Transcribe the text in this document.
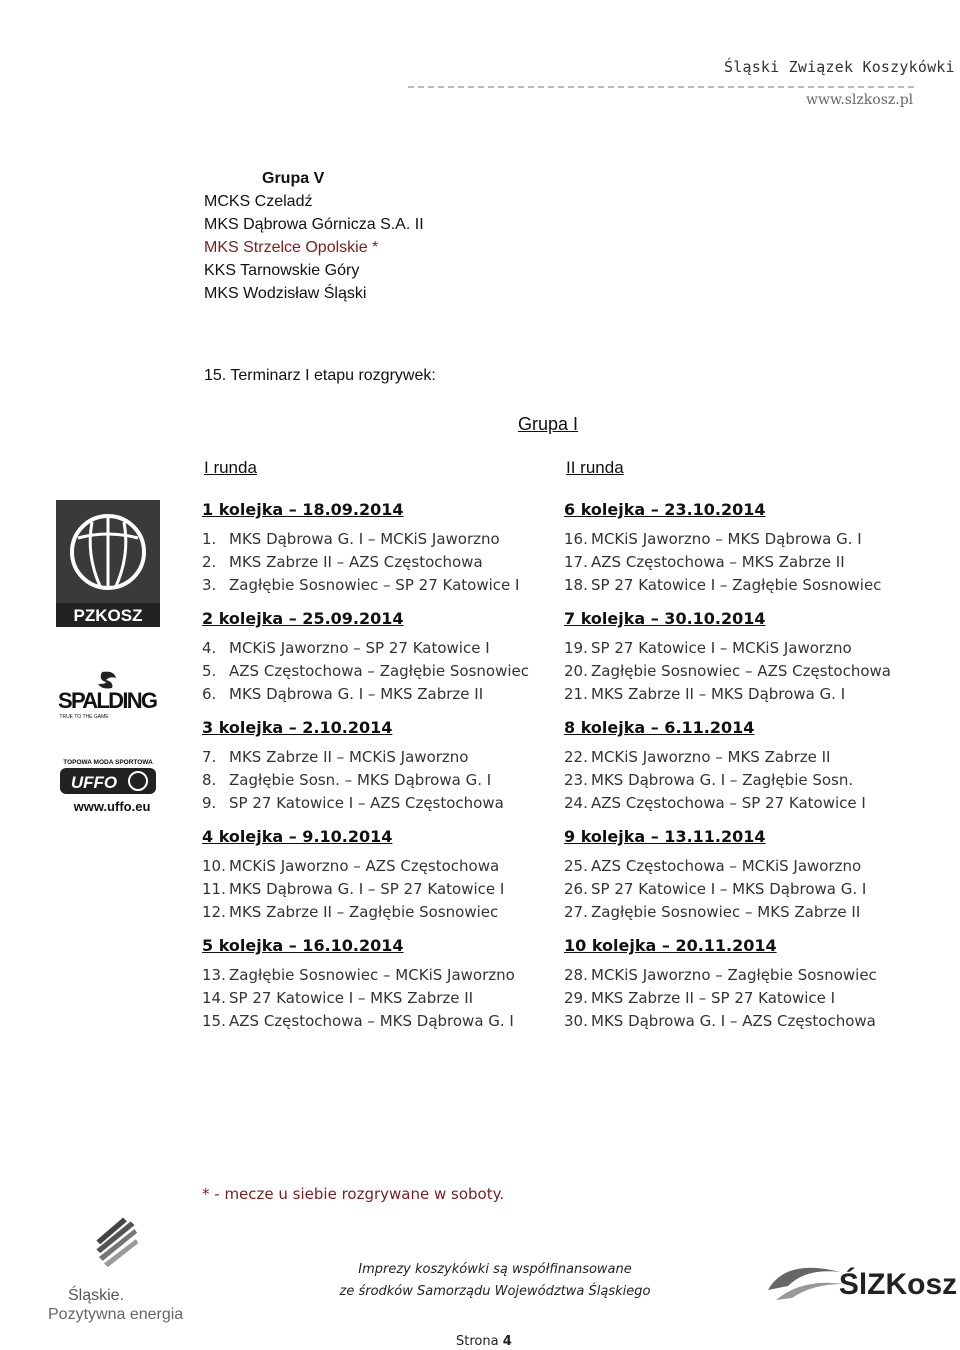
Śląski Związek Koszykówki
www.slzkosz.pl
Grupa V
MCKS Czeladź
MKS Dąbrowa Górnicza S.A. II
MKS Strzelce Opolskie *
KKS Tarnowskie Góry
MKS Wodzisław Śląski
15. Terminarz I etapu rozgrywek:
Grupa I
I runda	II runda
1 kolejka – 18.09.2014
1. MKS Dąbrowa G. I – MCKiS Jaworzno
2. MKS Zabrze II – AZS Częstochowa
3. Zagłębie Sosnowiec – SP 27 Katowice I
2 kolejka – 25.09.2014
4. MCKiS Jaworzno – SP 27 Katowice I
5. AZS Częstochowa – Zagłębie Sosnowiec
6. MKS Dąbrowa G. I – MKS Zabrze II
3 kolejka – 2.10.2014
7. MKS Zabrze II – MCKiS Jaworzno
8. Zagłębie Sosn. – MKS Dąbrowa G. I
9. SP 27 Katowice I – AZS Częstochowa
4 kolejka – 9.10.2014
10. MCKiS Jaworzno – AZS Częstochowa
11. MKS Dąbrowa G. I – SP 27 Katowice I
12. MKS Zabrze II – Zagłębie Sosnowiec
5 kolejka – 16.10.2014
13. Zagłębie Sosnowiec – MCKiS Jaworzno
14. SP 27 Katowice I – MKS Zabrze II
15. AZS Częstochowa – MKS Dąbrowa G. I
6 kolejka – 23.10.2014
16. MCKiS Jaworzno – MKS Dąbrowa G. I
17. AZS Częstochowa – MKS Zabrze II
18. SP 27 Katowice I – Zagłębie Sosnowiec
7 kolejka – 30.10.2014
19. SP 27 Katowice I – MCKiS Jaworzno
20. Zagłębie Sosnowiec – AZS Częstochowa
21. MKS Zabrze II – MKS Dąbrowa G. I
8 kolejka – 6.11.2014
22. MCKiS Jaworzno – MKS Zabrze II
23. MKS Dąbrowa G. I – Zagłębie Sosn.
24. AZS Częstochowa – SP 27 Katowice I
9 kolejka – 13.11.2014
25. AZS Częstochowa – MCKiS Jaworzno
26. SP 27 Katowice I – MKS Dąbrowa G. I
27. Zagłębie Sosnowiec – MKS Zabrze II
10 kolejka – 20.11.2014
28. MCKiS Jaworzno – Zagłębie Sosnowiec
29. MKS Zabrze II – SP 27 Katowice I
30. MKS Dąbrowa G. I – AZS Częstochowa
PZKOSZ
SPALDING
TRUE TO THE GAME
TOPOWA MODA SPORTOWA
UFFO
www.uffo.eu
* - mecze u siebie rozgrywane w soboty.
Śląskie.
Pozytywna energia
Imprezy koszykówki są współfinansowane
ze środków Samorządu Województwa Śląskiego	ŚlZKosz
Strona 4
